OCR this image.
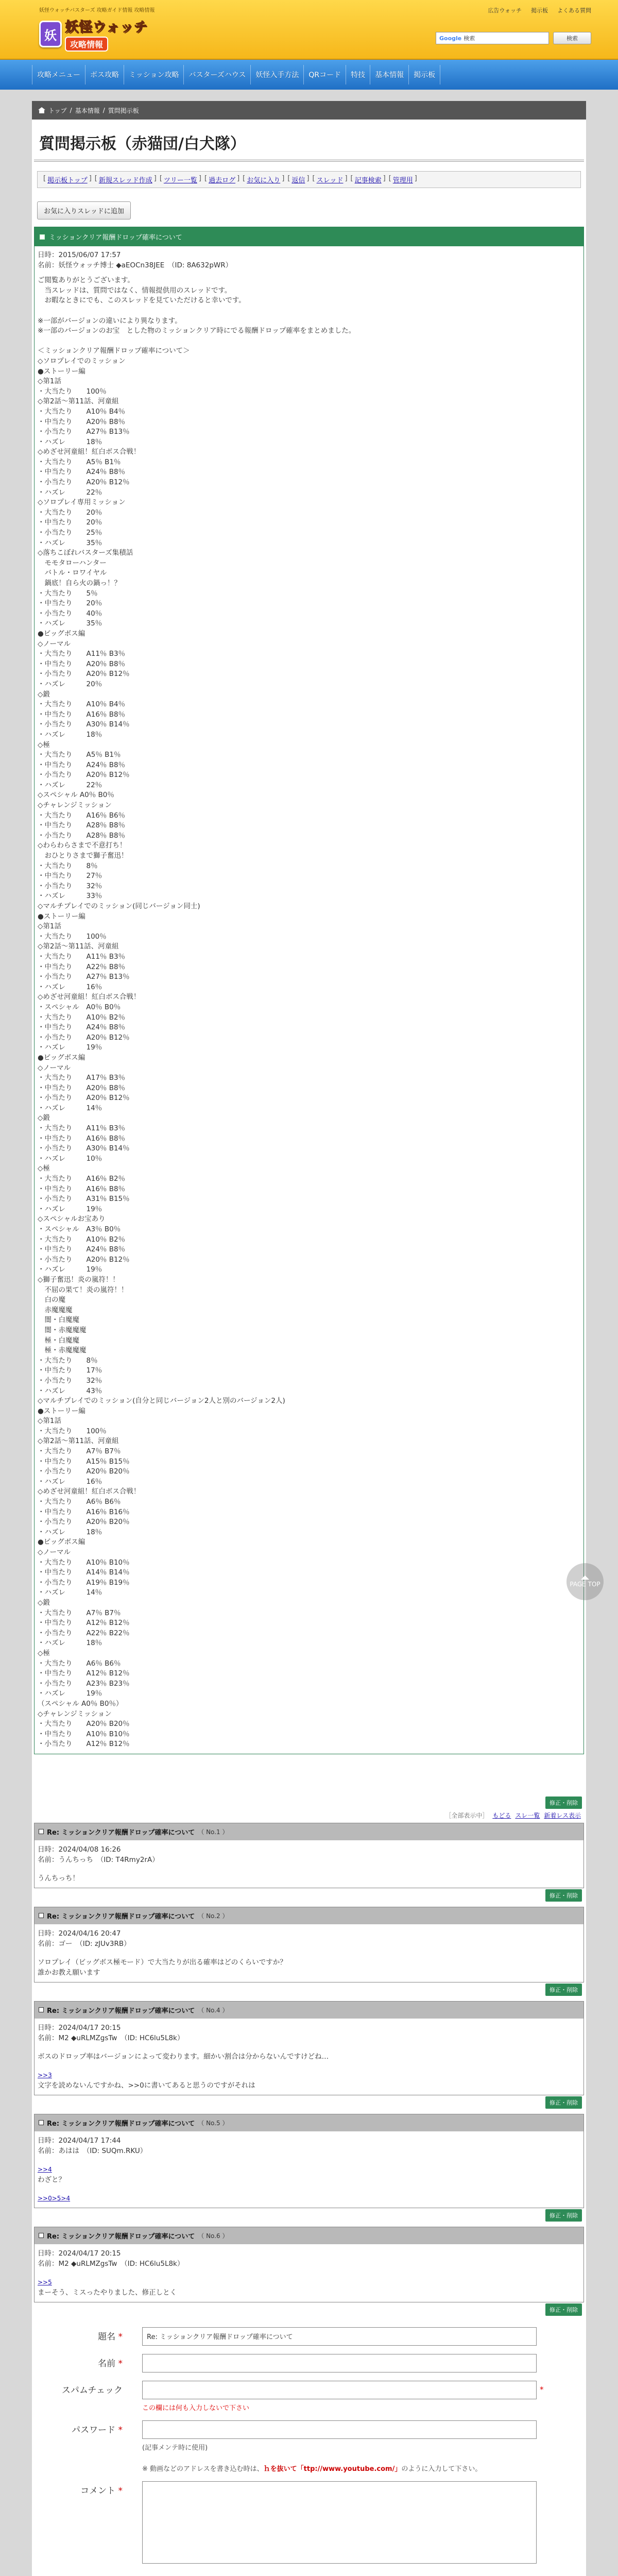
妖怪ウォッチバスターズ 攻略ガイド情報 攻略情報
妖
妖怪ウォッチ
攻略情報
広告ウォッチ 掲示板 よくある質問
Google 検索	検索
攻略メニュー	ボス攻略	ミッション攻略	バスターズハウス	妖怪入手方法	QRコード	特技	基本情報	掲示板
トップ / 基本情報 / 質問掲示板
質問掲示板（赤猫団/白犬隊）
[ 掲示板トップ ] [ 新規スレッド作成 ] [ ツリー一覧 ] [ 過去ログ ] [ お気に入り ] [ 返信 ] [ スレッド ] [ 記事検索 ] [ 管理用 ]
お気に入りスレッドに追加
ミッションクリア報酬ドロップ確率について
日時：2015/06/07 17:57
名前：妖怪ウォッチ博士 ◆aEOCn38JEE　（ID: 8A632pWR）
ご閲覧ありがとうございます。
　当スレッドは、質問ではなく、情報提供用のスレッドです。
　お暇なときにでも、このスレッドを見ていただけると幸いです。

※一部がバージョンの違いにより異なります。
※一部のバージョンのお宝　とした物のミッションクリア時にでる報酬ドロップ確率をまとめました。

＜ミッションクリア報酬ドロップ確率について＞
◇ソロプレイでのミッション
●ストーリー編
◇第1話
・大当たり　　100％
◇第2話〜第11話、河童組
・大当たり　　A10％ B4％
・中当たり　　A20％ B8％
・小当たり　　A27％ B13％
・ハズレ　　　18％
◇めざせ河童組！紅白ボス合戦！
・大当たり　　A5％ B1％
・中当たり　　A24％ B8％
・小当たり　　A20％ B12％
・ハズレ　　　22％
◇ソロプレイ専用ミッション
・大当たり　　20％
・中当たり　　20％
・小当たり　　25％
・ハズレ　　　35％
◇落ちこぼれバスターズ集積話
　モモタローハンター
　バトル・ロワイヤル
　鍋底！自ら火の鍋っ！？
・大当たり　　5％
・中当たり　　20％
・小当たり　　40％
・ハズレ　　　35％
●ビッグボス編
◇ノーマル
・大当たり　　A11％ B3％
・中当たり　　A20％ B8％
・小当たり　　A20％ B12％
・ハズレ　　　20％
◇鍛
・大当たり　　A10％ B4％
・中当たり　　A16％ B8％
・小当たり　　A30％ B14％
・ハズレ　　　18％
◇極
・大当たり　　A5％ B1％
・中当たり　　A24％ B8％
・小当たり　　A20％ B12％
・ハズレ　　　22％
◇スペシャル A0％ B0％
◇チャレンジミッション
・大当たり　　A16％ B6％
・中当たり　　A28％ B8％
・小当たり　　A28％ B8％
◇わらわらさまで不意打ち！
　おひとりさまで獅子奮迅！
・大当たり　　8％
・中当たり　　27％
・小当たり　　32％
・ハズレ　　　33％
◇マルチプレイでのミッション(同じバージョン同士)
●ストーリー編
◇第1話
・大当たり　　100％
◇第2話〜第11話、河童組
・大当たり　　A11％ B3％
・中当たり　　A22％ B8％
・小当たり　　A27％ B13％
・ハズレ　　　16％
◇めざせ河童組！紅白ボス合戦！
・スペシャル　A0％ B0％
・大当たり　　A10％ B2％
・中当たり　　A24％ B8％
・小当たり　　A20％ B12％
・ハズレ　　　19％
●ビッグボス編
◇ノーマル
・大当たり　　A17％ B3％
・中当たり　　A20％ B8％
・小当たり　　A20％ B12％
・ハズレ　　　14％
◇鍛
・大当たり　　A11％ B3％
・中当たり　　A16％ B8％
・小当たり　　A30％ B14％
・ハズレ　　　10％
◇極
・大当たり　　A16％ B2％
・中当たり　　A16％ B8％
・小当たり　　A31％ B15％
・ハズレ　　　19％
◇スペシャルお宝あり
・スペシャル　A3％ B0％
・大当たり　　A10％ B2％
・中当たり　　A24％ B8％
・小当たり　　A20％ B12％
・ハズレ　　　19％
◇獅子奮迅！炎の嵐符！！
　不屈の果て！炎の嵐符！！
　白の魔
　赤魔魔魔
　闇・白魔魔
　闇・赤魔魔魔
　極・白魔魔
　極・赤魔魔魔
・大当たり　　8％
・中当たり　　17％
・小当たり　　32％
・ハズレ　　　43％
◇マルチプレイでのミッション(自分と同じバージョン2人と別のバージョン2人)
●ストーリー編
◇第1話
・大当たり　　100％
◇第2話〜第11話、河童組
・大当たり　　A7％ B7％
・中当たり　　A15％ B15％
・小当たり　　A20％ B20％
・ハズレ　　　16％
◇めざせ河童組！紅白ボス合戦！
・大当たり　　A6％ B6％
・中当たり　　A16％ B16％
・小当たり　　A20％ B20％
・ハズレ　　　18％
●ビッグボス編
◇ノーマル
・大当たり　　A10％ B10％
・中当たり　　A14％ B14％
・小当たり　　A19％ B19％
・ハズレ　　　14％
◇鍛
・大当たり　　A7％ B7％
・中当たり　　A12％ B12％
・小当たり　　A22％ B22％
・ハズレ　　　18％
◇極
・大当たり　　A6％ B6％
・中当たり　　A12％ B12％
・小当たり　　A23％ B23％
・ハズレ　　　19％
（スペシャル A0％ B0％）
◇チャレンジミッション
・大当たり　　A20％ B20％
・中当たり　　A10％ B10％
・小当たり　　A12％ B12％
修正・削除
［全部表示中］ もどる スレ一覧 新着レス表示
Re: ミッションクリア報酬ドロップ確率について （ No.1 ）
日時：2024/04/08 16:26
名前：うんちっち　（ID: T4Rmy2rA）
うんちっち！
修正・削除
Re: ミッションクリア報酬ドロップ確率について （ No.2 ）
日時：2024/04/16 20:47
名前：ゴー　（ID: zJUv3RB）
ソロプレイ（ビッグボス極モード）で大当たりが出る確率はどのくらいですか？
誰かお教え願います
修正・削除
Re: ミッションクリア報酬ドロップ確率について （ No.4 ）
日時：2024/04/17 20:15
名前：M2 ◆uRLMZgsTw　（ID: HC6lu5L8k）
ボスのドロップ率はバージョンによって変わります。細かい割合は分からないんですけどね…
>>3
文字を読めないんですかね、>>0に書いてあると思うのですがそれは
修正・削除
Re: ミッションクリア報酬ドロップ確率について （ No.5 ）
日時：2024/04/17 17:44
名前：あはは　（ID: SUQm.RKU）
>>4
わざと？
>>0>5>4
修正・削除
Re: ミッションクリア報酬ドロップ確率について （ No.6 ）
日時：2024/04/17 20:15
名前：M2 ◆uRLMZgsTw　（ID: HC6lu5L8k）
>>5
まーそう、ミスったやりました、修正しとく
修正・削除
題名 *	Re: ミッションクリア報酬ドロップ確率について
名前 *
スパムチェック	*
この欄には何も入力しないで下さい
パスワード *
(記事メンテ時に使用)
※ 動画などのアドレスを書き込む時は、ｈを抜いて「ttp://www.youtube.com/」のように入力して下さい。
コメント *
PAGE TOP
